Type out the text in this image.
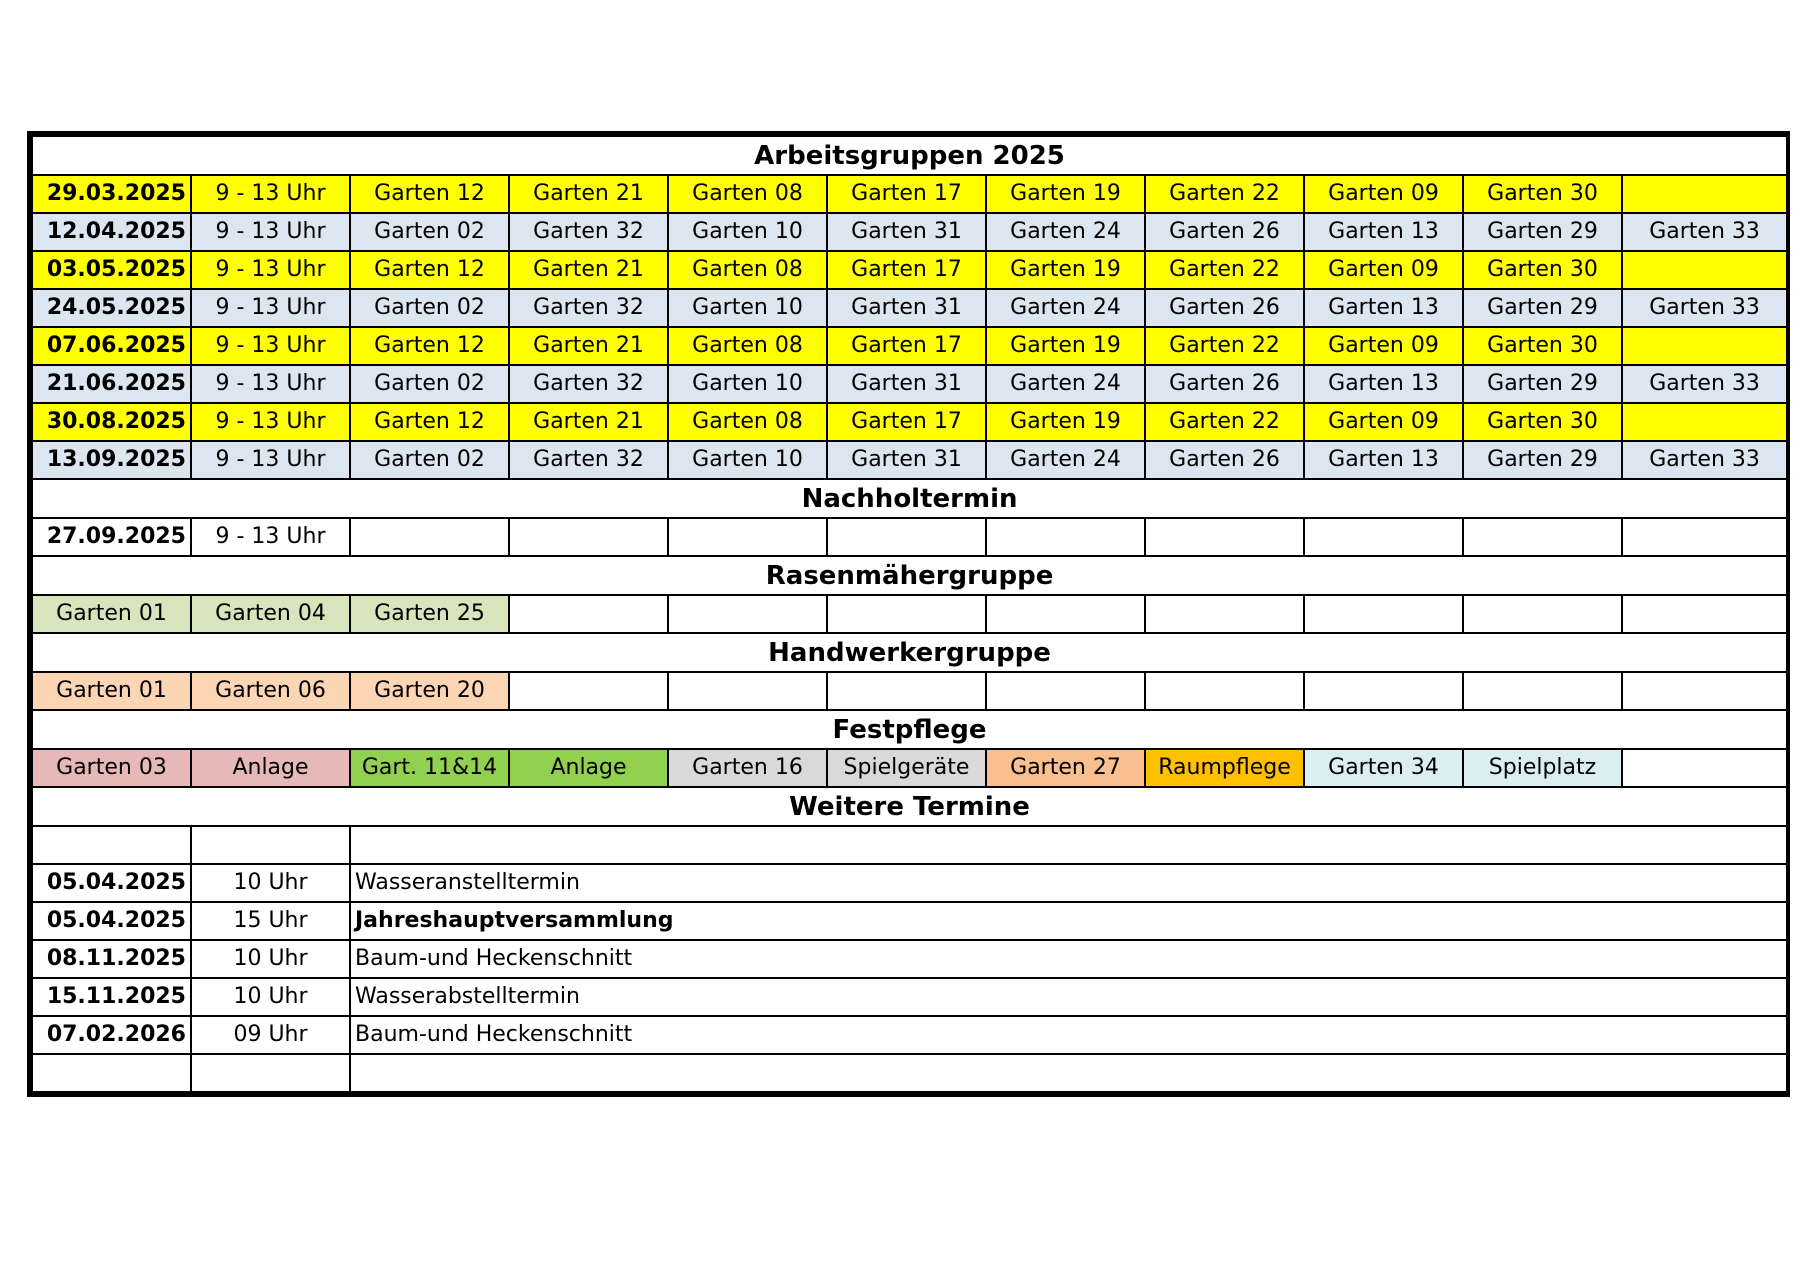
Arbeitsgruppen 2025										
29.03.2025	9 - 13 Uhr	Garten 12	Garten 21	Garten 08	Garten 17	Garten 19	Garten 22	Garten 09	Garten 30	
12.04.2025	9 - 13 Uhr	Garten 02	Garten 32	Garten 10	Garten 31	Garten 24	Garten 26	Garten 13	Garten 29	Garten 33
03.05.2025	9 - 13 Uhr	Garten 12	Garten 21	Garten 08	Garten 17	Garten 19	Garten 22	Garten 09	Garten 30	
24.05.2025	9 - 13 Uhr	Garten 02	Garten 32	Garten 10	Garten 31	Garten 24	Garten 26	Garten 13	Garten 29	Garten 33
07.06.2025	9 - 13 Uhr	Garten 12	Garten 21	Garten 08	Garten 17	Garten 19	Garten 22	Garten 09	Garten 30	
21.06.2025	9 - 13 Uhr	Garten 02	Garten 32	Garten 10	Garten 31	Garten 24	Garten 26	Garten 13	Garten 29	Garten 33
30.08.2025	9 - 13 Uhr	Garten 12	Garten 21	Garten 08	Garten 17	Garten 19	Garten 22	Garten 09	Garten 30	
13.09.2025	9 - 13 Uhr	Garten 02	Garten 32	Garten 10	Garten 31	Garten 24	Garten 26	Garten 13	Garten 29	Garten 33
Nachholtermin										
27.09.2025	9 - 13 Uhr									
Rasenmähergruppe										
Garten 01	Garten 04	Garten 25								
Handwerkergruppe										
Garten 01	Garten 06	Garten 20								
Festpflege										
Garten 03	Anlage	Gart. 11&14	Anlage	Garten 16	Spielgeräte	Garten 27	Raumpflege	Garten 34	Spielplatz	
Weitere Termine										

05.04.2025	10 Uhr	Wasseranstelltermin								
05.04.2025	15 Uhr	Jahreshauptversammlung								
08.11.2025	10 Uhr	Baum-und Heckenschnitt								
15.11.2025	10 Uhr	Wasserabstelltermin								
07.02.2026	09 Uhr	Baum-und Heckenschnitt								
